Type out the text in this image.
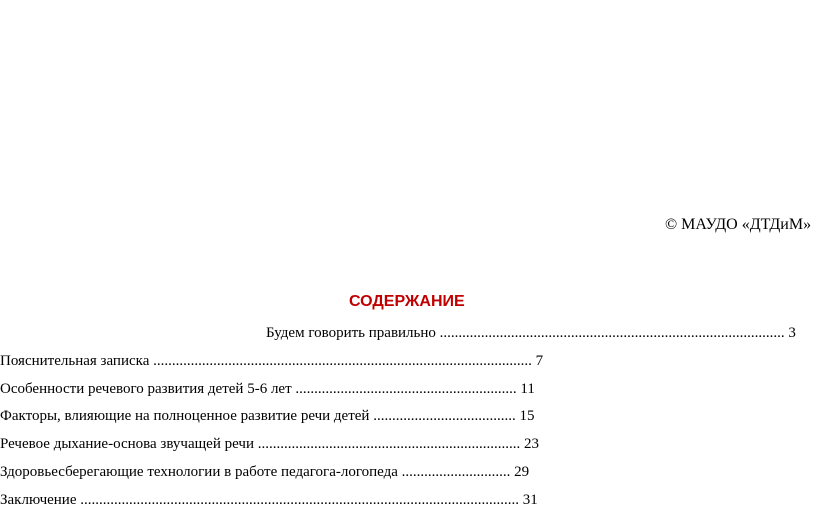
© МАУДО «ДТДиМ»
СОДЕРЖАНИЕ
Будем говорить правильно ............................................................................................ 3
Пояснительная записка ..................................................................................................... 7
Особенности речевого развития детей 5-6 лет ........................................................... 11
Факторы, влияющие на полноценное развитие речи детей ...................................... 15
Речевое дыхание-основа звучащей речи ...................................................................... 23
Здоровьесберегающие технологии в работе педагога-логопеда ............................. 29
Заключение ..................................................................................................................... 31
